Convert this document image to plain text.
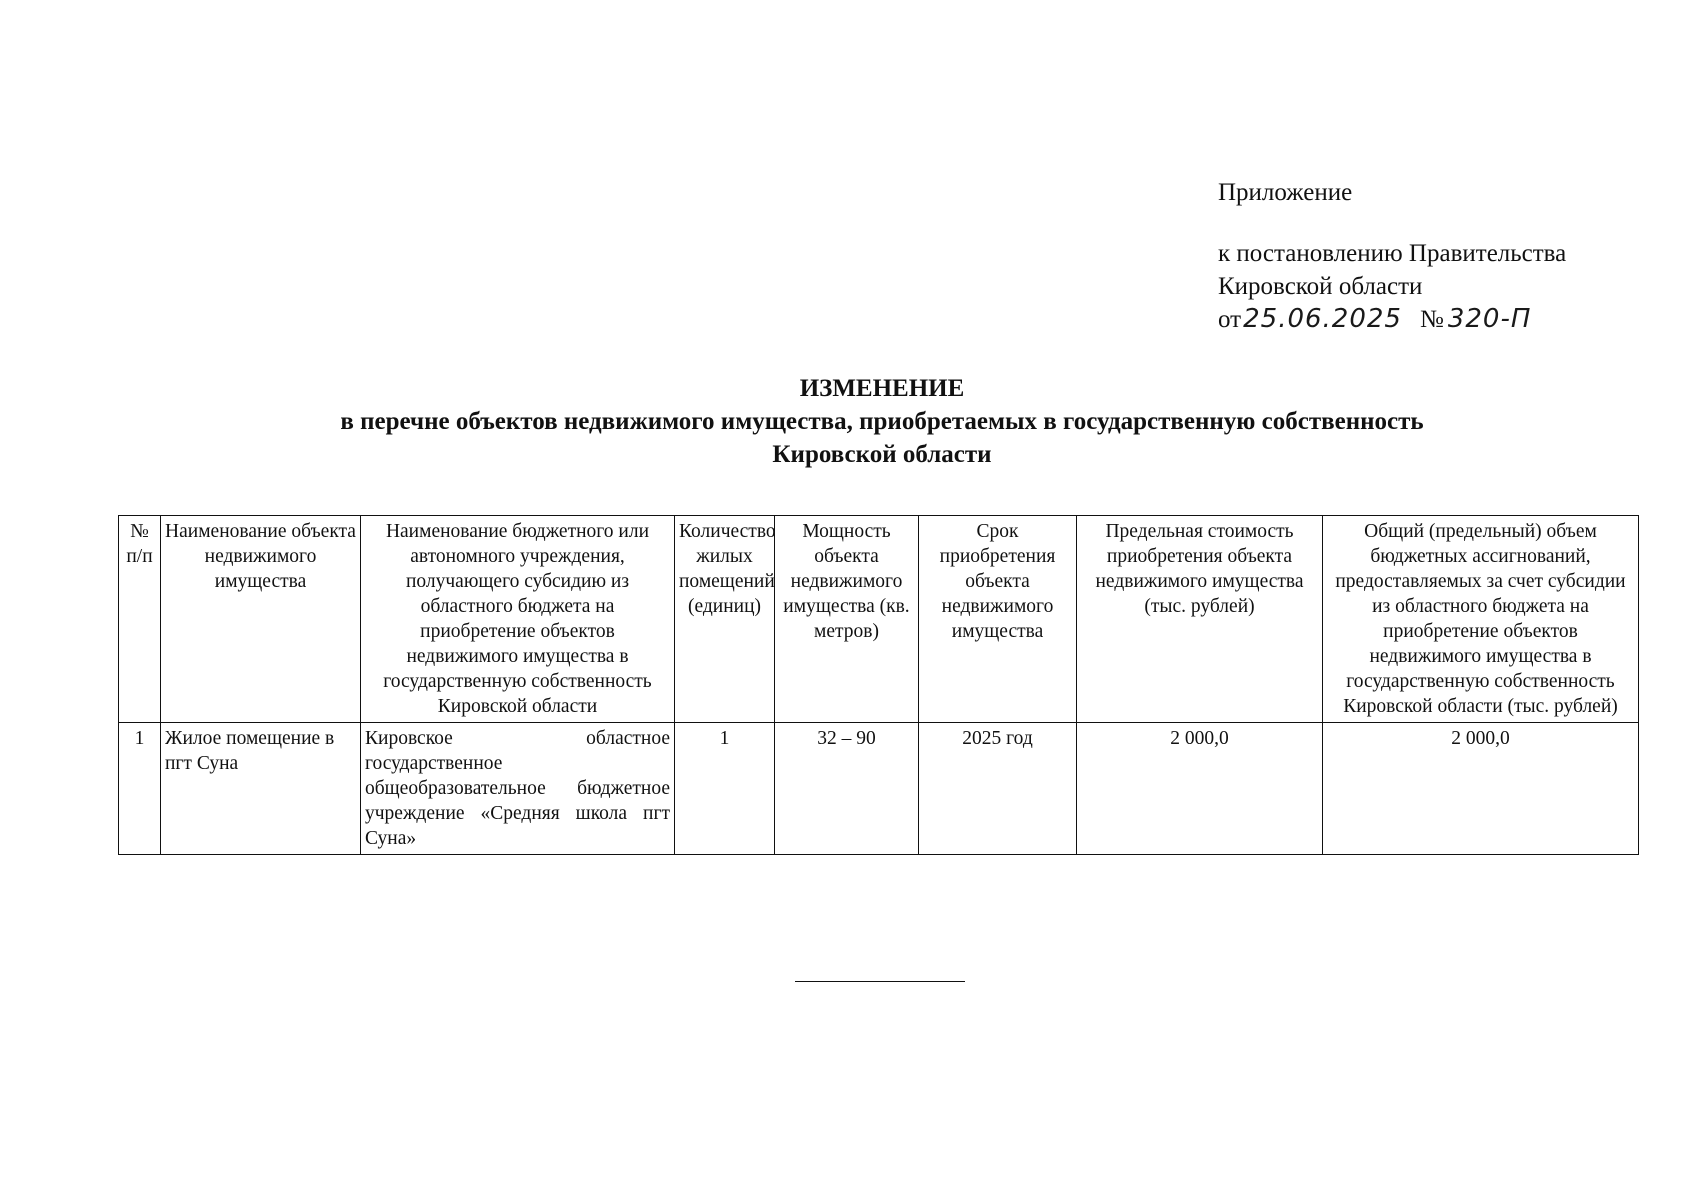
Приложение
к постановлению Правительства
Кировской области
от25.06.2025 № 320-П
ИЗМЕНЕНИЕ
в перечне объектов недвижимого имущества, приобретаемых в государственную собственность
Кировской области
№ п/п	Наименование объекта недвижимого имущества	Наименование бюджетного или автономного учреждения, получающего субсидию из областного бюджета на приобретение объектов недвижимого имущества в государственную собственность Кировской области	Количество жилых помещений (единиц)	Мощность объекта недвижимого имущества (кв. метров)	Срок приобретения объекта недвижимого имущества	Предельная стоимость приобретения объекта недвижимого имущества (тыс. рублей)	Общий (предельный) объем бюджетных ассигнований, предоставляемых за счет субсидии из областного бюджета на приобретение объектов недвижимого имущества в государственную собственность Кировской области (тыс. рублей)
1	Жилое помещение в пгт Суна	Кировское областное государственное общеобразовательное бюджетное учреждение «Средняя школа пгт Суна»	1	32 – 90	2025 год	2 000,0	2 000,0
